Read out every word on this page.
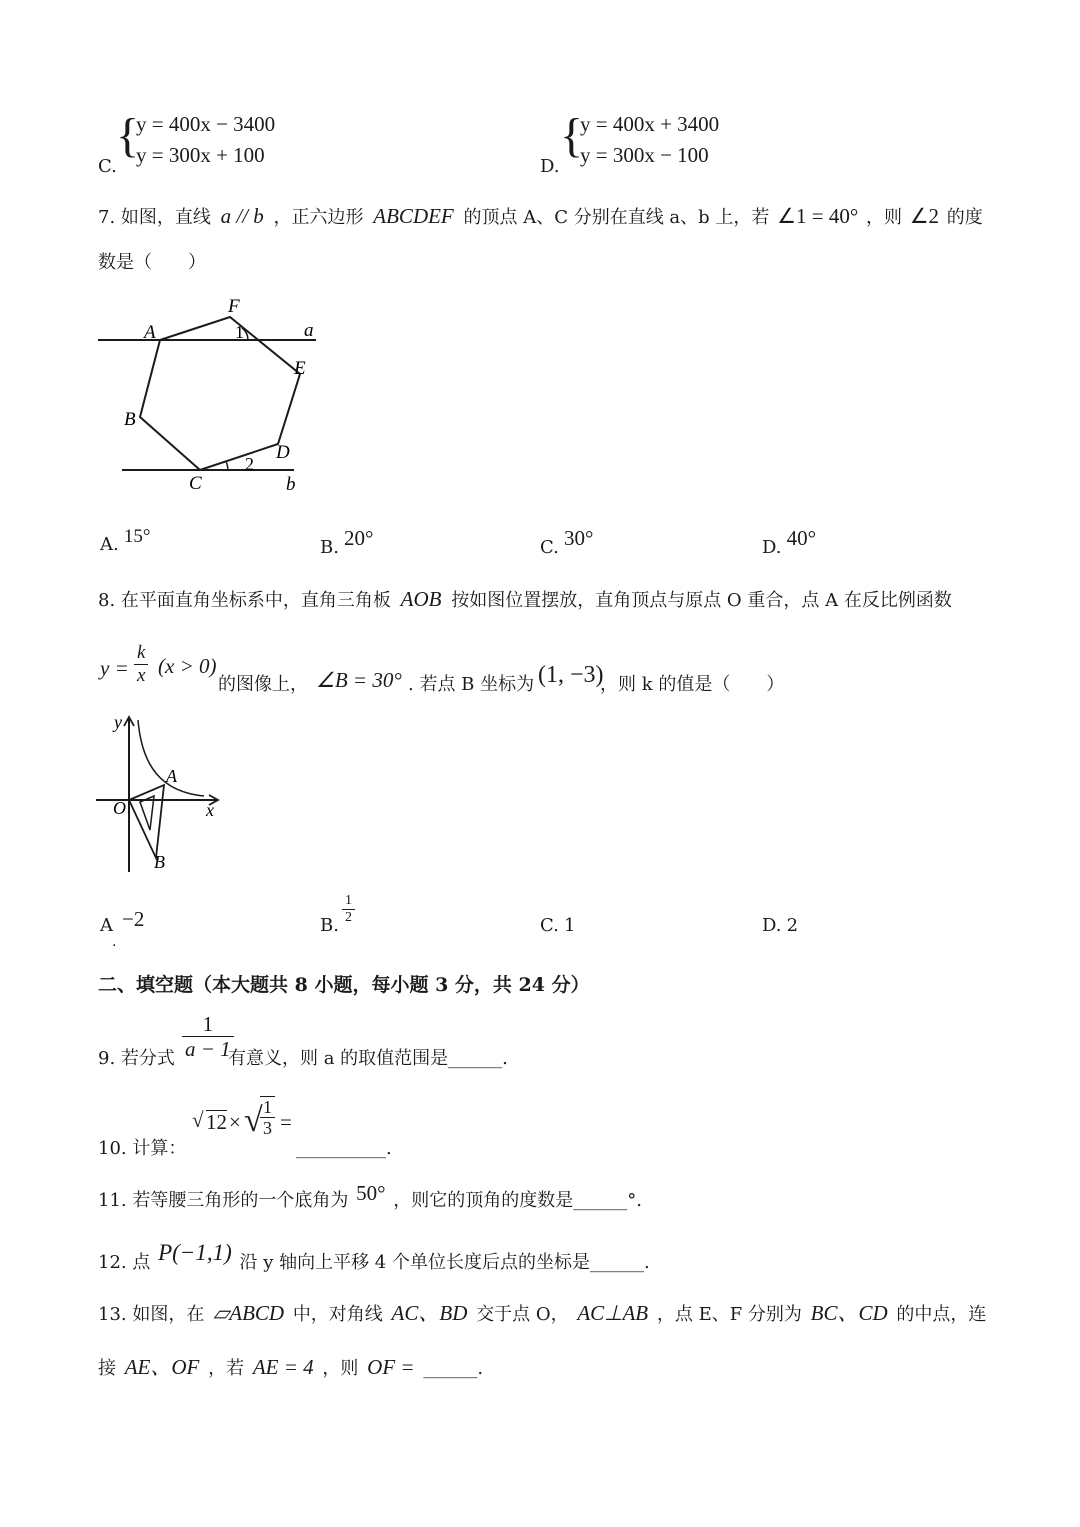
C.
{
y = 400x − 3400
y = 300x + 100	D.
{
y = 400x + 3400
y = 300x − 100
7. 如图，直线 a // b ，正六边形 ABCDEF 的顶点 A、C 分别在直线 a、b 上，若 ∠1 = 40° ，则 ∠2 的度
数是（　　）
F
A	a
1
E
B
D
2
C	b
A. 15°
B. 20°	C. 30°	D. 40°
8. 在平面直角坐标系中，直角三角板 AOB 按如图位置摆放，直角顶点与原点 O 重合，点 A 在反比例函数
$y = \frac{k}{x} (x > 0)$
的图像上， ∠B = 30° . 若点 B 坐标为 (1, −3)
，则 k 的值是（　　）
y
A
O	x
B
A −2
.
B. $\frac{1}{2}$	C. 1	D. 2
二、填空题（本大题共 8 小题，每小题 3 分，共 24 分）
9. 若分式 $\frac{1}{a - 1}$
有意义，则 a 的取值范围是______.
10. 计算：
√ 12 × √
$\frac{1}{3}$ =
__________.
11. 若等腰三角形的一个底角为 50° ，则它的顶角的度数是______°.
12. 点 P(−1,1) 沿 y 轴向上平移 4 个单位长度后点的坐标是______.
13. 如图，在 ▱ABCD 中，对角线 AC、BD 交于点 O， AC⊥AB ，点 E、F 分别为 BC、CD 的中点，连
接 AE、OF ，若 AE = 4 ，则 OF = ______.
